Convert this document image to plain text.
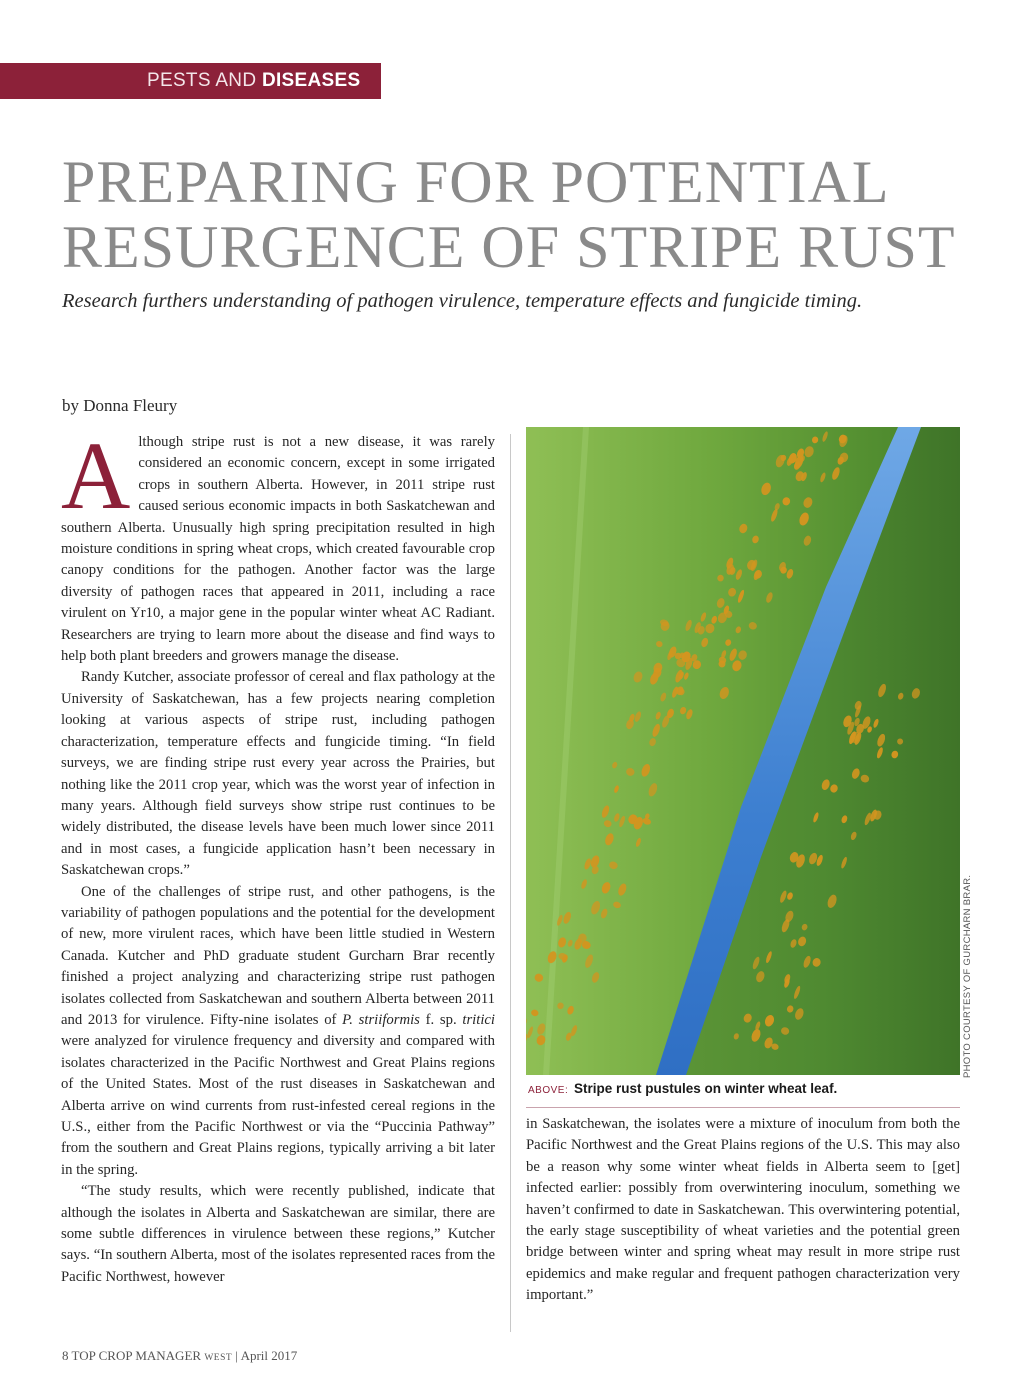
PESTS AND DISEASES
PREPARING FOR POTENTIAL RESURGENCE OF STRIPE RUST

Research furthers understanding of pathogen virulence, temperature effects and fungicide timing.

by Donna Fleury

Although stripe rust is not a new disease, it was rarely considered an economic concern, except in some irrigated crops in southern Alberta. However, in 2011 stripe rust caused serious economic impacts in both Saskatchewan and southern Alberta. Unusually high spring precipitation resulted in high moisture conditions in spring wheat crops, which created favourable crop canopy conditions for the pathogen. Another factor was the large diversity of pathogen races that appeared in 2011, including a race virulent on Yr10, a major gene in the popular winter wheat AC Radiant. Researchers are trying to learn more about the disease and find ways to help both plant breeders and growers manage the disease.

Randy Kutcher, associate professor of cereal and flax pathology at the University of Saskatchewan, has a few projects nearing completion looking at various aspects of stripe rust, including pathogen characterization, temperature effects and fungicide timing. “In field surveys, we are finding stripe rust every year across the Prairies, but nothing like the 2011 crop year, which was the worst year of infection in many years. Although field surveys show stripe rust continues to be widely distributed, the disease levels have been much lower since 2011 and in most cases, a fungicide application hasn’t been necessary in Saskatchewan crops.”

One of the challenges of stripe rust, and other pathogens, is the variability of pathogen populations and the potential for the development of new, more virulent races, which have been little studied in Western Canada. Kutcher and PhD graduate student Gurcharn Brar recently finished a project analyzing and characterizing stripe rust pathogen isolates collected from Saskatchewan and southern Alberta between 2011 and 2013 for virulence. Fifty-nine isolates of P. striiformis f. sp. tritici were analyzed for virulence frequency and diversity and compared with isolates characterized in the Pacific Northwest and Great Plains regions of the United States. Most of the rust diseases in Saskatchewan and Alberta arrive on wind currents from rust-infested cereal regions in the U.S., either from the Pacific Northwest or via the “Puccinia Pathway” from the southern and Great Plains regions, typically arriving a bit later in the spring.

“The study results, which were recently published, indicate that although the isolates in Alberta and Saskatchewan are similar, there are some subtle differences in virulence between these regions,” Kutcher says. “In southern Alberta, most of the isolates represented races from the Pacific Northwest, however

PHOTO COURTESY OF GURCHARN BRAR.
ABOVE: Stripe rust pustules on winter wheat leaf.

in Saskatchewan, the isolates were a mixture of inoculum from both the Pacific Northwest and the Great Plains regions of the U.S. This may also be a reason why some winter wheat fields in Alberta seem to [get] infected earlier: possibly from overwintering inoculum, something we haven’t confirmed to date in Saskatchewan. This overwintering potential, the early stage susceptibility of wheat varieties and the potential green bridge between winter and spring wheat may result in more stripe rust epidemics and make regular and frequent pathogen characterization very important.”

8 TOP CROP MANAGER WEST | April 2017
